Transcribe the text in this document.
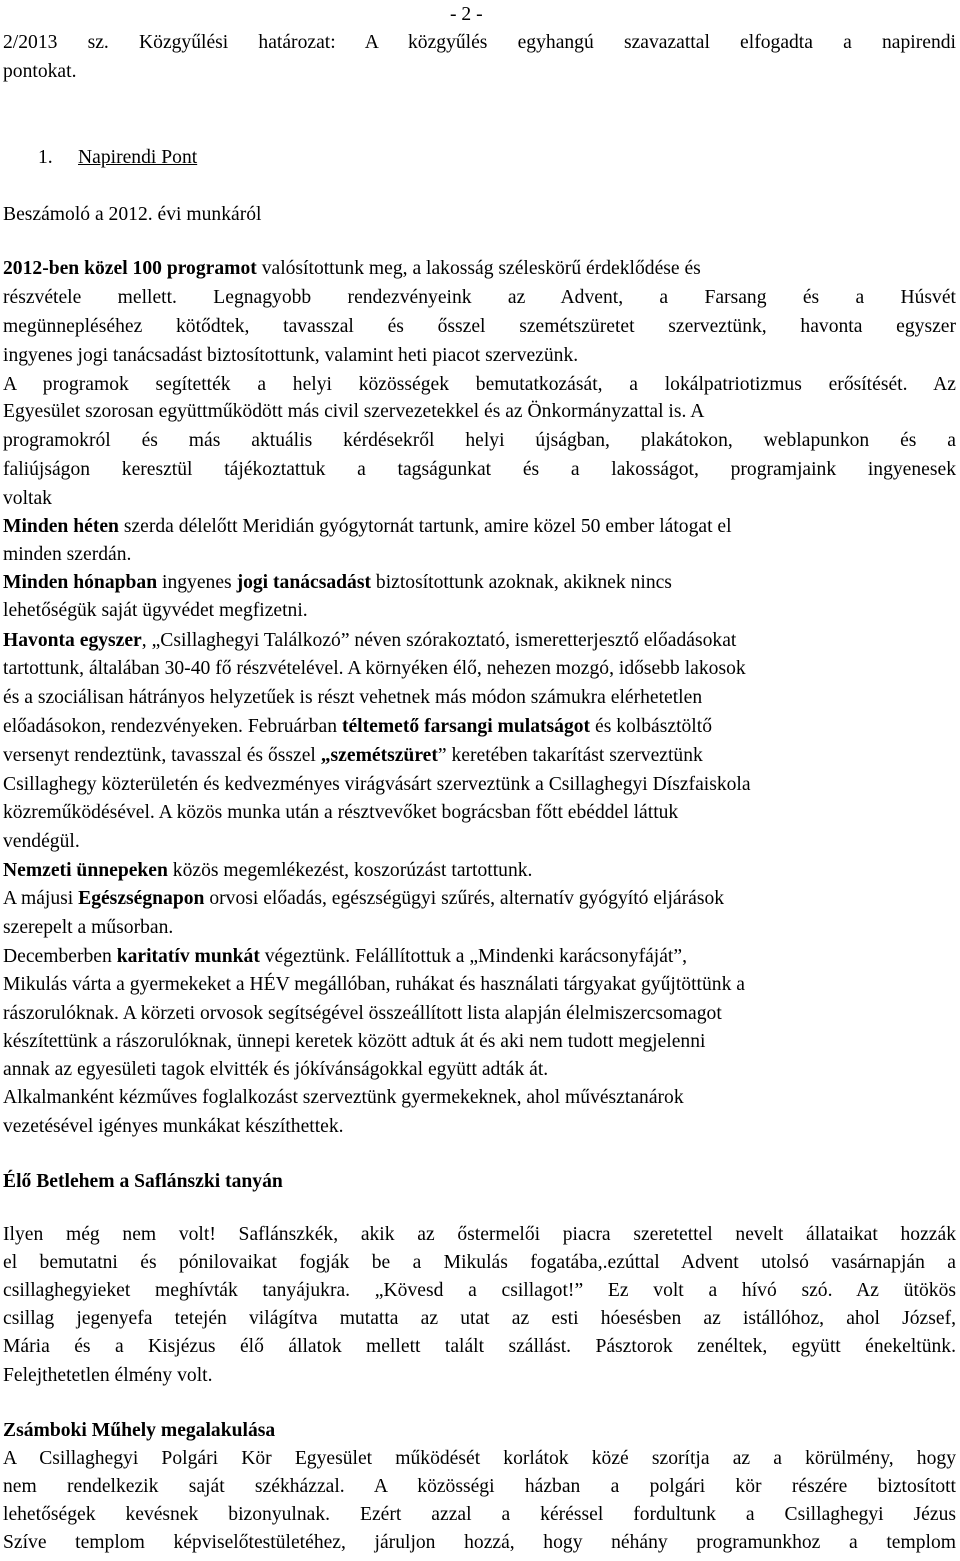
- 2 -
2/2013 sz. Közgyűlési határozat: A közgyűlés egyhangú szavazattal elfogadta a napirendi
pontokat.
1. Napirendi Pont
Beszámoló a 2012. évi munkáról
2012-ben közel 100 programot valósítottunk meg, a lakosság széleskörű érdeklődése és
részvétele mellett. Legnagyobb rendezvényeink az Advent, a Farsang és a Húsvét
megünnepléséhez kötődtek, tavasszal és ősszel szemétszüretet szerveztünk, havonta egyszer
ingyenes jogi tanácsadást biztosítottunk, valamint heti piacot szervezünk.
A programok segítették a helyi közösségek bemutatkozását, a lokálpatriotizmus erősítését. Az
Egyesület szorosan együttműködött más civil szervezetekkel és az Önkormányzattal is. A
programokról és más aktuális kérdésekről helyi újságban, plakátokon, weblapunkon és a
faliújságon keresztül tájékoztattuk a tagságunkat és a lakosságot, programjaink ingyenesek
voltak
Minden héten szerda délelőtt Meridián gyógytornát tartunk, amire közel 50 ember látogat el
minden szerdán.
Minden hónapban ingyenes jogi tanácsadást biztosítottunk azoknak, akiknek nincs
lehetőségük saját ügyvédet megfizetni.
Havonta egyszer, „Csillaghegyi Találkozó” néven szórakoztató, ismeretterjesztő előadásokat
tartottunk, általában 30-40 fő részvételével. A környéken élő, nehezen mozgó, idősebb lakosok
és a szociálisan hátrányos helyzetűek is részt vehetnek más módon számukra elérhetetlen
előadásokon, rendezvényeken. Februárban téltemető farsangi mulatságot és kolbásztöltő
versenyt rendeztünk, tavasszal és ősszel „szemétszüret” keretében takarítást szerveztünk
Csillaghegy közterületén és kedvezményes virágvásárt szerveztünk a Csillaghegyi Díszfaiskola
közreműködésével. A közös munka után a résztvevőket bográcsban főtt ebéddel láttuk
vendégül.
Nemzeti ünnepeken közös megemlékezést, koszorúzást tartottunk.
A májusi Egészségnapon orvosi előadás, egészségügyi szűrés, alternatív gyógyító eljárások
szerepelt a műsorban.
Decemberben karitatív munkát végeztünk. Felállítottuk a „Mindenki karácsonyfáját”,
Mikulás várta a gyermekeket a HÉV megállóban, ruhákat és használati tárgyakat gyűjtöttünk a
rászorulóknak. A körzeti orvosok segítségével összeállított lista alapján élelmiszercsomagot
készítettünk a rászorulóknak, ünnepi keretek között adtuk át és aki nem tudott megjelenni
annak az egyesületi tagok elvitték és jókívánságokkal együtt adták át.
Alkalmanként kézműves foglalkozást szerveztünk gyermekeknek, ahol művésztanárok
vezetésével igényes munkákat készíthettek.
Élő Betlehem a Saflánszki tanyán
Ilyen még nem volt! Saflánszkék, akik az őstermelői piacra szeretettel nevelt állataikat hozzák
el bemutatni és pónilovaikat fogják be a Mikulás fogatába,.ezúttal Advent utolsó vasárnapján a
csillaghegyieket meghívták tanyájukra. „Kövesd a csillagot!” Ez volt a hívó szó. Az ütökös
csillag jegenyefa tetején világítva mutatta az utat az esti hóesésben az istállóhoz, ahol József,
Mária és a Kisjézus élő állatok mellett talált szállást. Pásztorok zenéltek, együtt énekeltünk.
Felejthetetlen élmény volt.
Zsámboki Műhely megalakulása
A Csillaghegyi Polgári Kör Egyesület működését korlátok közé szorítja az a körülmény, hogy
nem rendelkezik saját székházzal. A közösségi házban a polgári kör részére biztosított
lehetőségek kevésnek bizonyulnak. Ezért azzal a kéréssel fordultunk a Csillaghegyi Jézus
Szíve templom képviselőtestületéhez, járuljon hozzá, hogy néhány programunkhoz a templom
